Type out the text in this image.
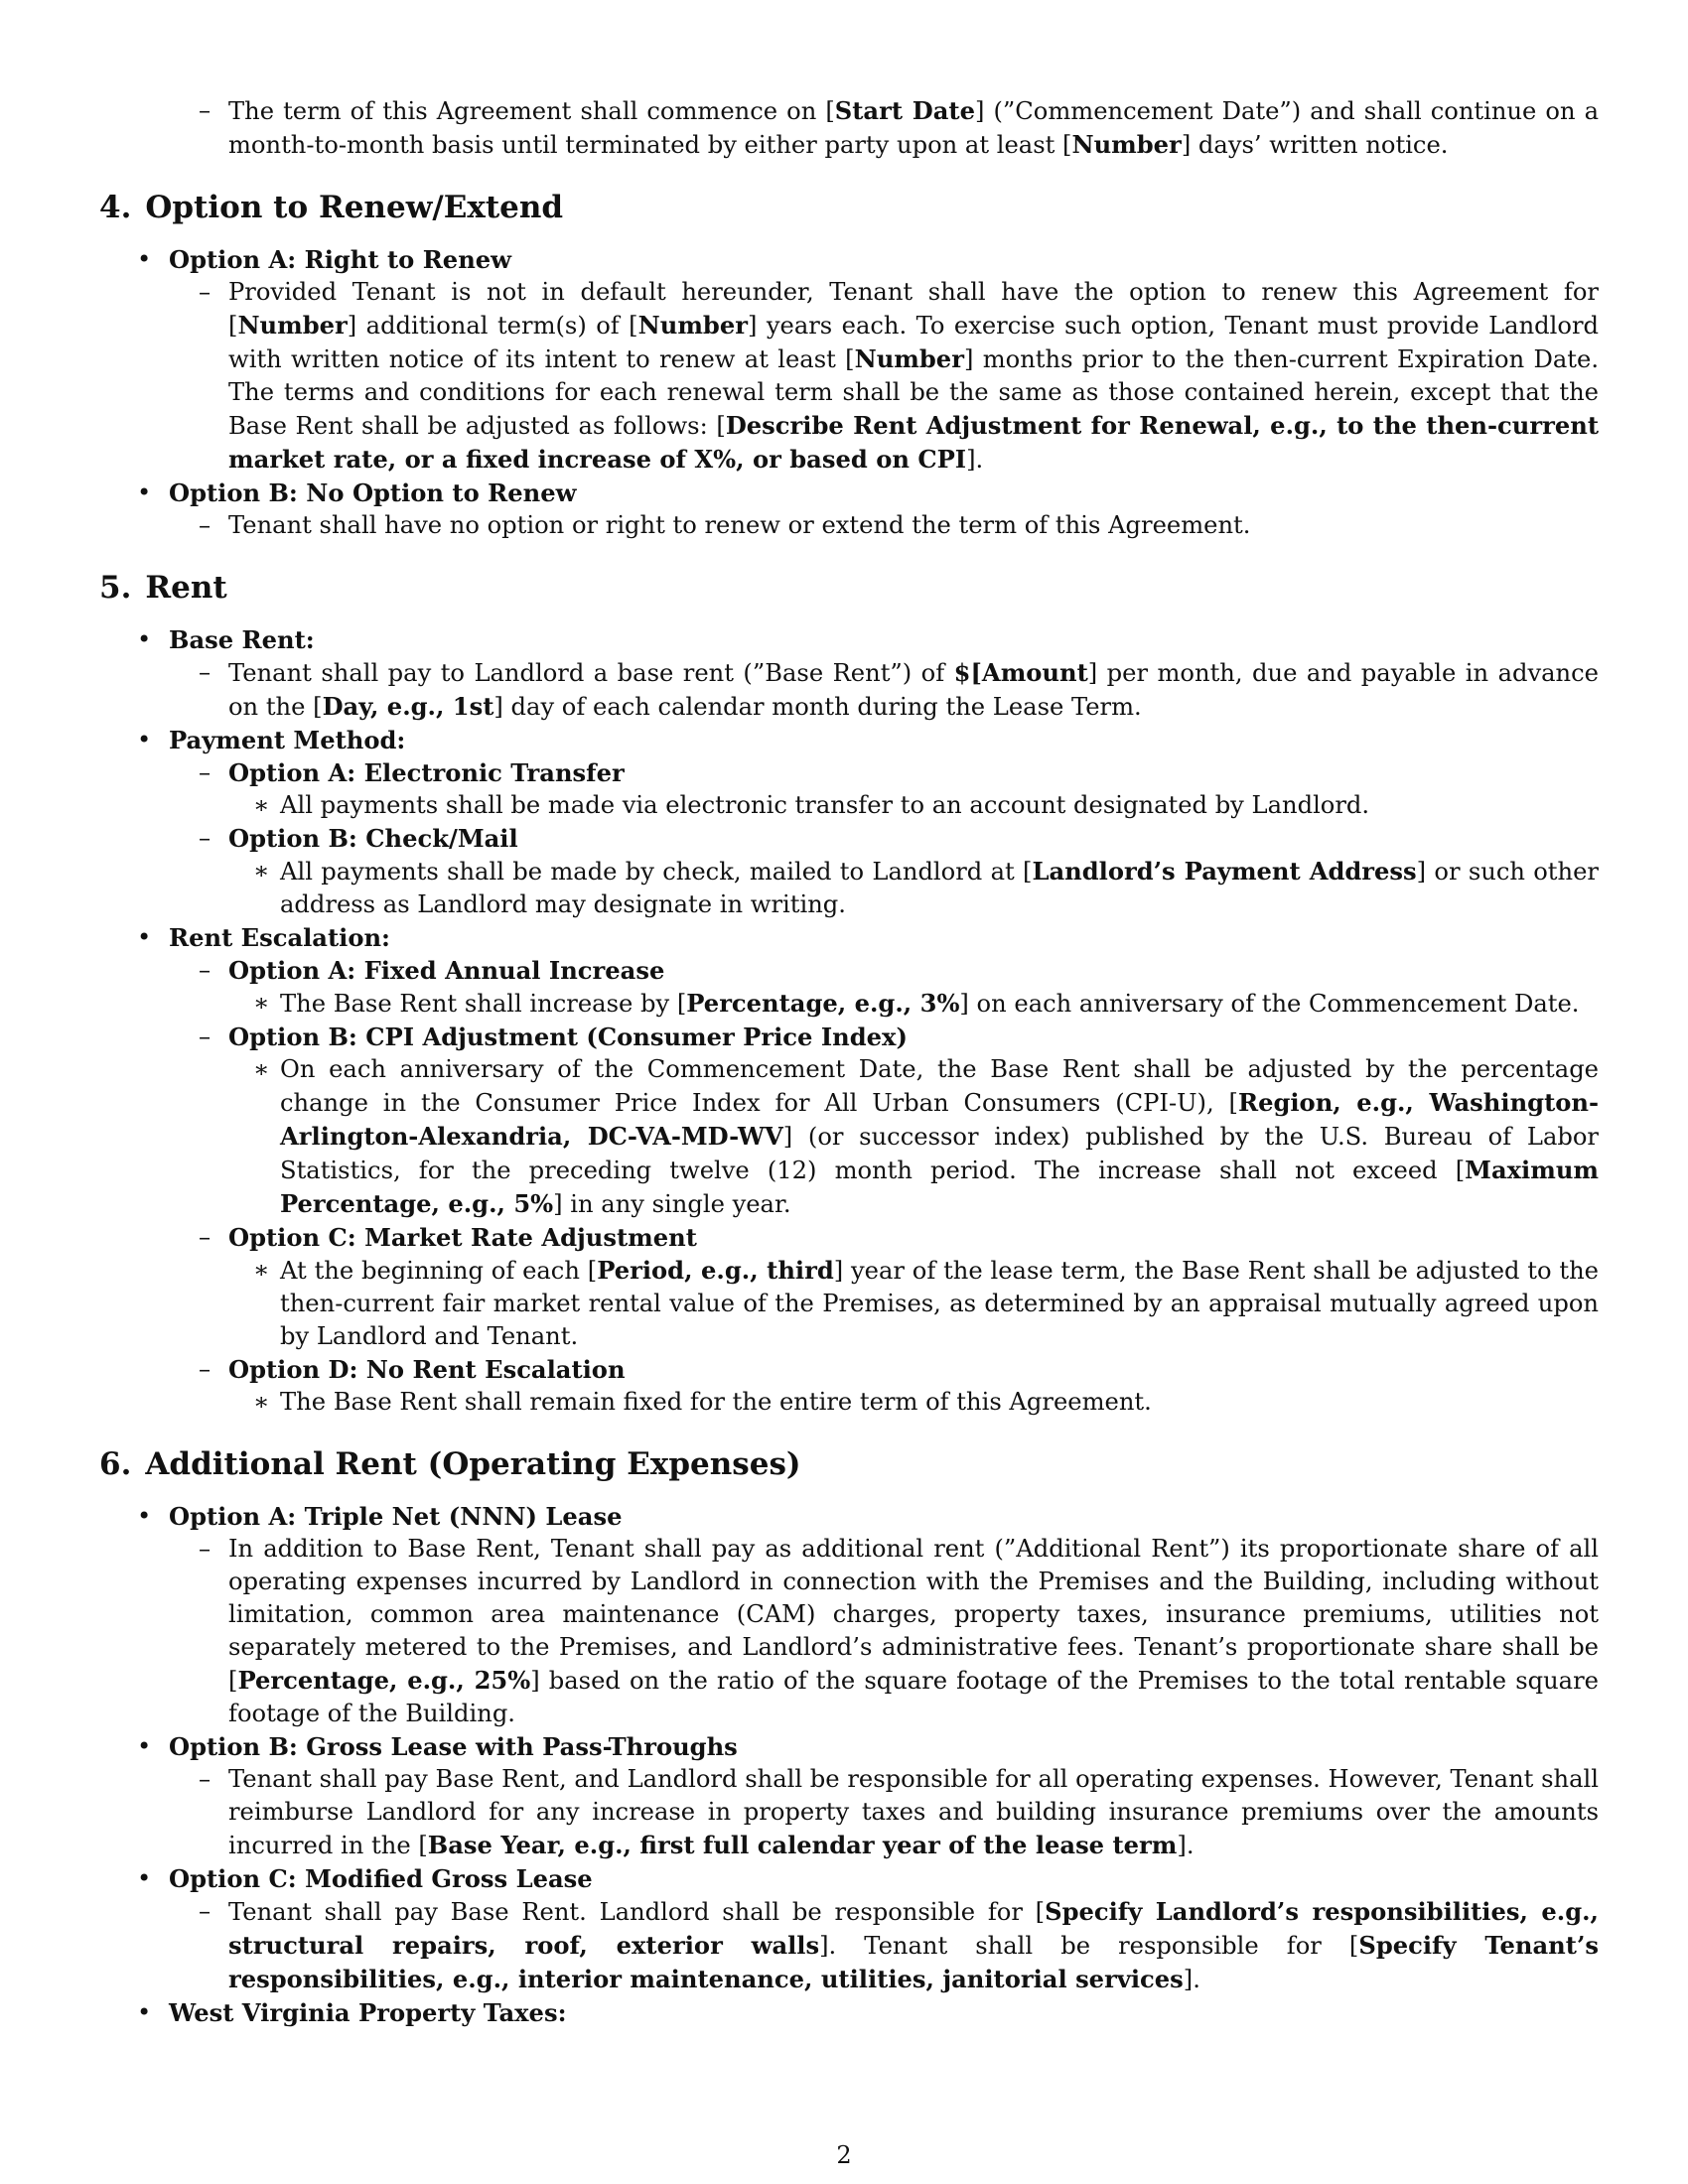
– The term of this Agreement shall commence on [Start Date] (”Commencement Date”) and shall continue on a month-to-month basis until terminated by either party upon at least [Number] days’ written notice.
4. Option to Renew/Extend
• Option A: Right to Renew
– Provided Tenant is not in default hereunder, Tenant shall have the option to renew this Agreement for [Number] additional term(s) of [Number] years each. To exercise such option, Tenant must provide Landlord with written notice of its intent to renew at least [Number] months prior to the then-current Expiration Date. The terms and conditions for each renewal term shall be the same as those contained herein, except that the Base Rent shall be adjusted as follows: [Describe Rent Adjustment for Renewal, e.g., to the then-current market rate, or a fixed increase of X%, or based on CPI].
• Option B: No Option to Renew
– Tenant shall have no option or right to renew or extend the term of this Agreement.
5. Rent
• Base Rent:
– Tenant shall pay to Landlord a base rent (”Base Rent”) of $[Amount] per month, due and payable in advance on the [Day, e.g., 1st] day of each calendar month during the Lease Term.
• Payment Method:
– Option A: Electronic Transfer
∗ All payments shall be made via electronic transfer to an account designated by Landlord.
– Option B: Check/Mail
∗ All payments shall be made by check, mailed to Landlord at [Landlord’s Payment Address] or such other address as Landlord may designate in writing.
• Rent Escalation:
– Option A: Fixed Annual Increase
∗ The Base Rent shall increase by [Percentage, e.g., 3%] on each anniversary of the Commencement Date.
– Option B: CPI Adjustment (Consumer Price Index)
∗ On each anniversary of the Commencement Date, the Base Rent shall be adjusted by the percentage change in the Consumer Price Index for All Urban Consumers (CPI-U), [Region, e.g., Washington-Arlington-Alexandria, DC-VA-MD-WV] (or successor index) published by the U.S. Bureau of Labor Statistics, for the preceding twelve (12) month period. The increase shall not exceed [Maximum Percentage, e.g., 5%] in any single year.
– Option C: Market Rate Adjustment
∗ At the beginning of each [Period, e.g., third] year of the lease term, the Base Rent shall be adjusted to the then-current fair market rental value of the Premises, as determined by an appraisal mutually agreed upon by Landlord and Tenant.
– Option D: No Rent Escalation
∗ The Base Rent shall remain fixed for the entire term of this Agreement.
6. Additional Rent (Operating Expenses)
• Option A: Triple Net (NNN) Lease
– In addition to Base Rent, Tenant shall pay as additional rent (”Additional Rent”) its proportionate share of all operating expenses incurred by Landlord in connection with the Premises and the Building, including without limitation, common area maintenance (CAM) charges, property taxes, insurance premiums, utilities not separately metered to the Premises, and Landlord’s administrative fees. Tenant’s proportionate share shall be [Percentage, e.g., 25%] based on the ratio of the square footage of the Premises to the total rentable square footage of the Building.
• Option B: Gross Lease with Pass-Throughs
– Tenant shall pay Base Rent, and Landlord shall be responsible for all operating expenses. However, Tenant shall reimburse Landlord for any increase in property taxes and building insurance premiums over the amounts incurred in the [Base Year, e.g., first full calendar year of the lease term].
• Option C: Modified Gross Lease
– Tenant shall pay Base Rent. Landlord shall be responsible for [Specify Landlord’s responsibilities, e.g., structural repairs, roof, exterior walls]. Tenant shall be responsible for [Specify Tenant’s responsibilities, e.g., interior maintenance, utilities, janitorial services].
• West Virginia Property Taxes:
2
